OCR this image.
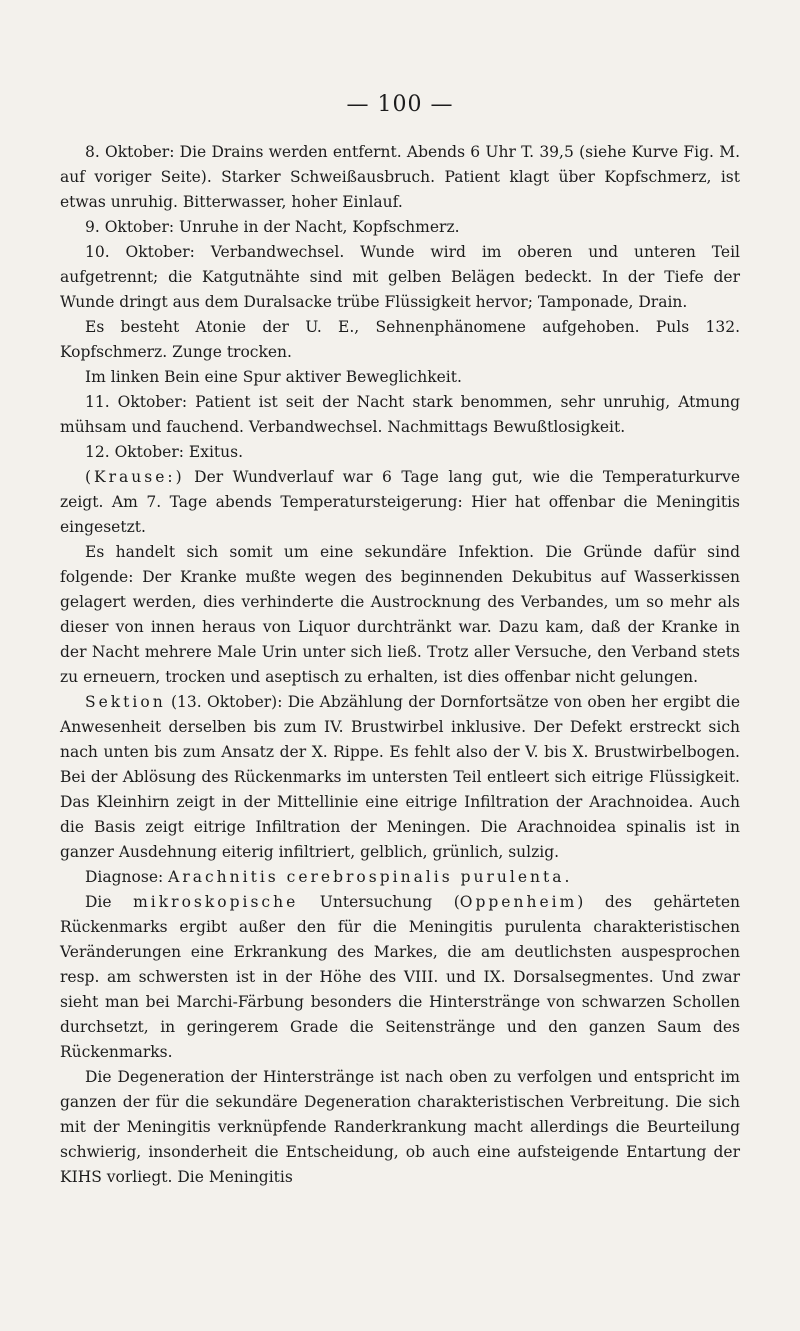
— 100 —

8. Oktober: Die Drains werden entfernt. Abends 6 Uhr T. 39,5 (siehe Kurve Fig. M. auf voriger Seite). Starker Schweißausbruch. Patient klagt über Kopfschmerz, ist etwas unruhig. Bitterwasser, hoher Einlauf.

9. Oktober: Unruhe in der Nacht, Kopfschmerz.

10. Oktober: Verbandwechsel. Wunde wird im oberen und unteren Teil aufgetrennt; die Katgutnähte sind mit gelben Belägen bedeckt. In der Tiefe der Wunde dringt aus dem Duralsacke trübe Flüssigkeit hervor; Tamponade, Drain.

Es besteht Atonie der U. E., Sehnenphänomene aufgehoben. Puls 132. Kopfschmerz. Zunge trocken.

Im linken Bein eine Spur aktiver Beweglichkeit.

11. Oktober: Patient ist seit der Nacht stark benommen, sehr unruhig, Atmung mühsam und fauchend. Verbandwechsel. Nachmittags Bewußtlosigkeit.

12. Oktober: Exitus.

(Krause:) Der Wundverlauf war 6 Tage lang gut, wie die Temperaturkurve zeigt. Am 7. Tage abends Temperatursteigerung: Hier hat offenbar die Meningitis eingesetzt.

Es handelt sich somit um eine sekundäre Infektion. Die Gründe dafür sind folgende: Der Kranke mußte wegen des beginnenden Dekubitus auf Wasserkissen gelagert werden, dies verhinderte die Austrocknung des Verbandes, um so mehr als dieser von innen heraus von Liquor durchtränkt war. Dazu kam, daß der Kranke in der Nacht mehrere Male Urin unter sich ließ. Trotz aller Versuche, den Verband stets zu erneuern, trocken und aseptisch zu erhalten, ist dies offenbar nicht gelungen.

Sektion (13. Oktober): Die Abzählung der Dornfortsätze von oben her ergibt die Anwesenheit derselben bis zum IV. Brustwirbel inklusive. Der Defekt erstreckt sich nach unten bis zum Ansatz der X. Rippe. Es fehlt also der V. bis X. Brustwirbelbogen. Bei der Ablösung des Rückenmarks im untersten Teil entleert sich eitrige Flüssigkeit. Das Kleinhirn zeigt in der Mittellinie eine eitrige Infiltration der Arachnoidea. Auch die Basis zeigt eitrige Infiltration der Meningen. Die Arachnoidea spinalis ist in ganzer Ausdehnung eiterig infiltriert, gelblich, grünlich, sulzig.

Diagnose: Arachnitis cerebrospinalis purulenta.

Die mikroskopische Untersuchung (Oppenheim) des gehärteten Rückenmarks ergibt außer den für die Meningitis purulenta charakteristischen Veränderungen eine Erkrankung des Markes, die am deutlichsten auspesprochen resp. am schwersten ist in der Höhe des VIII. und IX. Dorsalsegmentes. Und zwar sieht man bei Marchi-Färbung besonders die Hinterstränge von schwarzen Schollen durchsetzt, in geringerem Grade die Seitenstränge und den ganzen Saum des Rückenmarks.

Die Degeneration der Hinterstränge ist nach oben zu verfolgen und entspricht im ganzen der für die sekundäre Degeneration charakteristischen Verbreitung. Die sich mit der Meningitis verknüpfende Randerkrankung macht allerdings die Beurteilung schwierig, insonderheit die Entscheidung, ob auch eine aufsteigende Entartung der KIHS vorliegt. Die Meningitis
